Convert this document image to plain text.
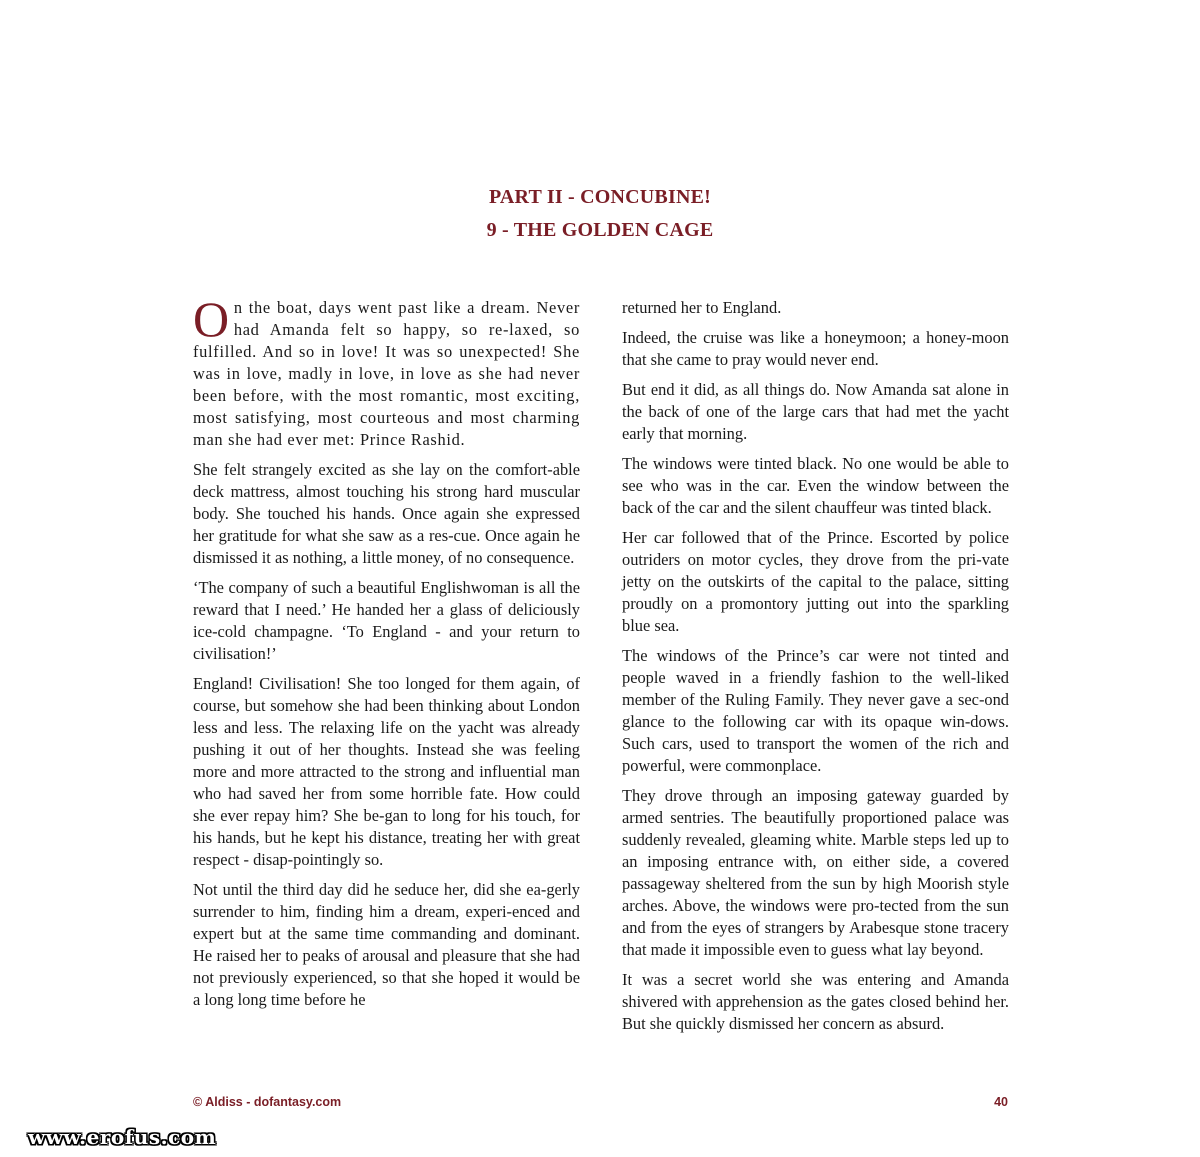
PART II - CONCUBINE!
9 - THE GOLDEN CAGE

On the boat, days went past like a dream. Never had Amanda felt so happy, so re-laxed, so fulfilled. And so in love! It was so unexpected! She was in love, madly in love, in love as she had never been before, with the most romantic, most exciting, most satisfying, most courteous and most charming man she had ever met: Prince Rashid.

She felt strangely excited as she lay on the comfort-able deck mattress, almost touching his strong hard muscular body. She touched his hands. Once again she expressed her gratitude for what she saw as a res-cue. Once again he dismissed it as nothing, a little money, of no consequence.

‘The company of such a beautiful Englishwoman is all the reward that I need.’ He handed her a glass of deliciously ice-cold champagne. ‘To England - and your return to civilisation!’

England! Civilisation! She too longed for them again, of course, but somehow she had been thinking about London less and less. The relaxing life on the yacht was already pushing it out of her thoughts. Instead she was feeling more and more attracted to the strong and influential man who had saved her from some horrible fate. How could she ever repay him? She be-gan to long for his touch, for his hands, but he kept his distance, treating her with great respect - disap-pointingly so.

Not until the third day did he seduce her, did she ea-gerly surrender to him, finding him a dream, experi-enced and expert but at the same time commanding and dominant. He raised her to peaks of arousal and pleasure that she had not previously experienced, so that she hoped it would be a long long time before he

returned her to England.

Indeed, the cruise was like a honeymoon; a honey-moon that she came to pray would never end.

But end it did, as all things do. Now Amanda sat alone in the back of one of the large cars that had met the yacht early that morning.

The windows were tinted black. No one would be able to see who was in the car. Even the window between the back of the car and the silent chauffeur was tinted black.

Her car followed that of the Prince. Escorted by police outriders on motor cycles, they drove from the pri-vate jetty on the outskirts of the capital to the palace, sitting proudly on a promontory jutting out into the sparkling blue sea.

The windows of the Prince’s car were not tinted and people waved in a friendly fashion to the well-liked member of the Ruling Family. They never gave a sec-ond glance to the following car with its opaque win-dows. Such cars, used to transport the women of the rich and powerful, were commonplace.

They drove through an imposing gateway guarded by armed sentries. The beautifully proportioned palace was suddenly revealed, gleaming white. Marble steps led up to an imposing entrance with, on either side, a covered passageway sheltered from the sun by high Moorish style arches. Above, the windows were pro-tected from the sun and from the eyes of strangers by Arabesque stone tracery that made it impossible even to guess what lay beyond.

It was a secret world she was entering and Amanda shivered with apprehension as the gates closed behind her. But she quickly dismissed her concern as absurd.

© Aldiss - dofantasy.com	40
www.erofus.com
